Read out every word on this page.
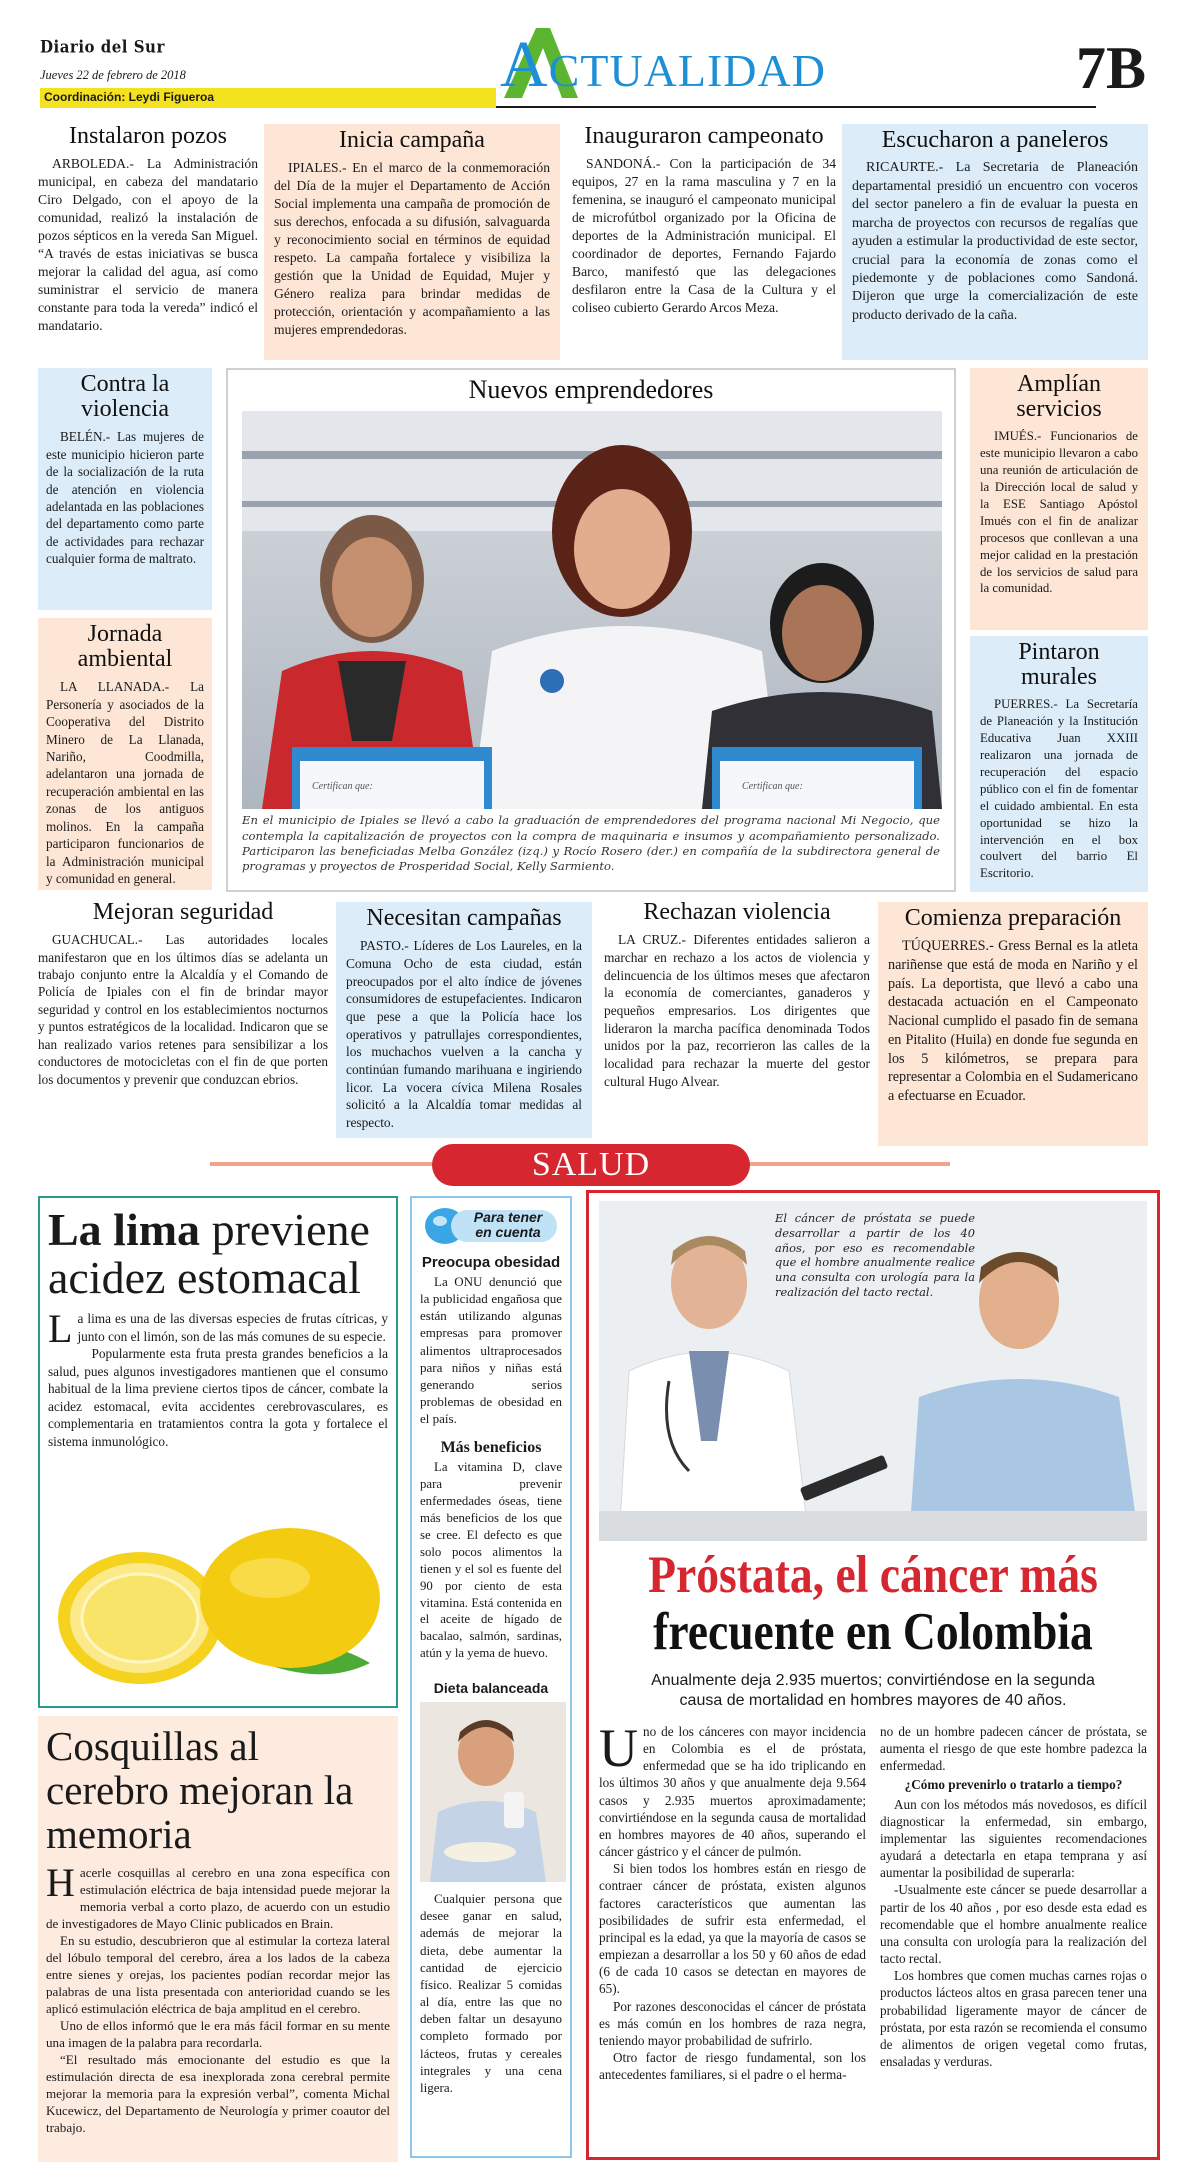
Diario del Sur
Jueves 22 de febrero de 2018
Coordinación: Leydi Figueroa	Actualidad	7B
Instalaron pozos

ARBOLEDA.- La Administración municipal, en cabeza del mandatario Ciro Delgado, con el apoyo de la comunidad, realizó la instalación de pozos sépticos en la vereda San Miguel. “A través de estas iniciativas se busca mejorar la calidad del agua, así como suministrar el servicio de manera constante para toda la vereda” indicó el mandatario.

Inicia campaña

IPIALES.- En el marco de la conmemoración del Día de la mujer el Departamento de Acción Social implementa una campaña de promoción de sus derechos, enfocada a su difusión, salvaguarda y reconocimiento social en términos de equidad respeto. La campaña fortalece y visibiliza la gestión que la Unidad de Equidad, Mujer y Género realiza para brindar medidas de protección, orientación y acompañamiento a las mujeres emprendedoras.

Inauguraron campeonato

SANDONÁ.- Con la participación de 34 equipos, 27 en la rama masculina y 7 en la femenina, se inauguró el campeonato municipal de microfútbol organizado por la Oficina de deportes de la Administración municipal. El coordinador de deportes, Fernando Fajardo Barco, manifestó que las delegaciones desfilaron entre la Casa de la Cultura y el coliseo cubierto Gerardo Arcos Meza.

Escucharon a paneleros

RICAURTE.- La Secretaria de Planeación departamental presidió un encuentro con voceros del sector panelero a fin de evaluar la puesta en marcha de proyectos con recursos de regalías que ayuden a estimular la productividad de este sector, crucial para la economía de zonas como el piedemonte y de poblaciones como Sandoná. Dijeron que urge la comercialización de este producto derivado de la caña.

Contra la violencia

BELÉN.- Las mujeres de este municipio hicieron parte de la socialización de la ruta de atención en violencia adelantada en las poblaciones del departamento como parte de actividades para rechazar cualquier forma de maltrato.

Jornada ambiental

LA LLANADA.- La Personería y asociados de la Cooperativa del Distrito Minero de La Llanada, Nariño, Coodmilla, adelantaron una jornada de recuperación ambiental en las zonas de los antiguos molinos. En la campaña participaron funcionarios de la Administración municipal y comunidad en general.

Nuevos emprendedores
Certifican que:	Certifican que:
En el municipio de Ipiales se llevó a cabo la graduación de emprendedores del programa nacional Mi Negocio, que contempla la capitalización de proyectos con la compra de maquinaria e insumos y acompañamiento personalizado. Participaron las beneficiadas Melba González (izq.) y Rocío Rosero (der.) en compañía de la subdirectora general de programas y proyectos de Prosperidad Social, Kelly Sarmiento.
Amplían servicios

IMUÉS.- Funcionarios de este municipio llevaron a cabo una reunión de articulación de la Dirección local de salud y la ESE Santiago Apóstol Imués con el fin de analizar procesos que conllevan a una mejor calidad en la prestación de los servicios de salud para la comunidad.

Pintaron murales

PUERRES.- La Secretaría de Planeación y la Institución Educativa Juan XXIII realizaron una jornada de recuperación del espacio público con el fin de fomentar el cuidado ambiental. En esta oportunidad se hizo la intervención en el box coulvert del barrio El Escritorio.

Mejoran seguridad

GUACHUCAL.- Las autoridades locales manifestaron que en los últimos días se adelanta un trabajo conjunto entre la Alcaldía y el Comando de Policía de Ipiales con el fin de brindar mayor seguridad y control en los establecimientos nocturnos y puntos estratégicos de la localidad. Indicaron que se han realizado varios retenes para sensibilizar a los conductores de motocicletas con el fin de que porten los documentos y prevenir que conduzcan ebrios.

Necesitan campañas

PASTO.- Líderes de Los Laureles, en la Comuna Ocho de esta ciudad, están preocupados por el alto índice de jóvenes consumidores de estupefacientes. Indicaron que pese a que la Policía hace los operativos y patrullajes correspondientes, los muchachos vuelven a la cancha y continúan fumando marihuana e ingiriendo licor. La vocera cívica Milena Rosales solicitó a la Alcaldía tomar medidas al respecto.

Rechazan violencia

LA CRUZ.- Diferentes entidades salieron a marchar en rechazo a los actos de violencia y delincuencia de los últimos meses que afectaron la economía de comerciantes, ganaderos y pequeños empresarios. Los dirigentes que lideraron la marcha pacífica denominada Todos unidos por la paz, recorrieron las calles de la localidad para rechazar la muerte del gestor cultural Hugo Alvear.

Comienza preparación

TÚQUERRES.- Gress Bernal es la atleta nariñense que está de moda en Nariño y el país. La deportista, que llevó a cabo una destacada actuación en el Campeonato Nacional cumplido el pasado fin de semana en Pitalito (Huila) en donde fue segunda en los 5 kilómetros, se prepara para representar a Colombia en el Sudamericano a efectuarse en Ecuador.

SALUD
La lima previene acidez estomacal

La lima es una de las diversas especies de frutas cítricas, y junto con el limón, son de las más comunes de su especie.

Popularmente esta fruta presta grandes beneficios a la salud, pues algunos investigadores mantienen que el consumo habitual de la lima previene ciertos tipos de cáncer, combate la acidez estomacal, evita accidentes cerebrovasculares, es complementaria en tratamientos contra la gota y fortalece el sistema inmunológico.

Cosquillas al cerebro mejoran la memoria

Hacerle cosquillas al cerebro en una zona específica con estimulación eléctrica de baja intensidad puede mejorar la memoria verbal a corto plazo, de acuerdo con un estudio de investigadores de Mayo Clinic publicados en Brain.

En su estudio, descubrieron que al estimular la corteza lateral del lóbulo temporal del cerebro, área a los lados de la cabeza entre sienes y orejas, los pacientes podían recordar mejor las palabras de una lista presentada con anterioridad cuando se les aplicó estimulación eléctrica de baja amplitud en el cerebro.

Uno de ellos informó que le era más fácil formar en su mente una imagen de la palabra para recordarla.

“El resultado más emocionante del estudio es que la estimulación directa de esa inexplorada zona cerebral permite mejorar la memoria para la expresión verbal”, comenta Michal Kucewicz, del Departamento de Neurología y primer coautor del trabajo.

Para tener
en cuenta
Preocupa obesidad

La ONU denunció que la publicidad engañosa que están utilizando algunas empresas para promover alimentos ultraprocesados para niños y niñas está generando serios problemas de obesidad en el país.

Más beneficios

La vitamina D, clave para prevenir enfermedades óseas, tiene más beneficios de los que se cree. El defecto es que solo pocos alimentos la tienen y el sol es fuente del 90 por ciento de esta vitamina. Está contenida en el aceite de hígado de bacalao, salmón, sardinas, atún y la yema de huevo.

Dieta balanceada

Cualquier persona que desee ganar en salud, además de mejorar la dieta, debe aumentar la cantidad de ejercicio físico. Realizar 5 comidas al día, entre las que no deben faltar un desayuno completo formado por lácteos, frutas y cereales integrales y una cena ligera.

El cáncer de próstata se puede desarrollar a partir de los 40 años, por eso es recomendable que el hombre anualmente realice una consulta con urología para la realización del tacto rectal.
Próstata, el cáncer más
frecuente en Colombia
Anualmente deja 2.935 muertos; convirtiéndose en la segunda causa de mortalidad en hombres mayores de 40 años.

Uno de los cánceres con mayor incidencia en Colombia es el de próstata, enfermedad que se ha ido triplicando en los últimos 30 años y que anualmente deja 9.564 casos y 2.935 muertos aproximadamente; convirtiéndose en la segunda causa de mortalidad en hombres mayores de 40 años, superando el cáncer gástrico y el cáncer de pulmón.

Si bien todos los hombres están en riesgo de contraer cáncer de próstata, existen algunos factores característicos que aumentan las posibilidades de sufrir esta enfermedad, el principal es la edad, ya que la mayoría de casos se empiezan a desarrollar a los 50 y 60 años de edad (6 de cada 10 casos se detectan en mayores de 65).

Por razones desconocidas el cáncer de próstata es más común en los hombres de raza negra, teniendo mayor probabilidad de sufrirlo.

Otro factor de riesgo fundamental, son los antecedentes familiares, si el padre o el herma-

no de un hombre padecen cáncer de próstata, se aumenta el riesgo de que este hombre padezca la enfermedad.

¿Cómo prevenirlo o tratarlo a tiempo?

Aun con los métodos más novedosos, es difícil diagnosticar la enfermedad, sin embargo, implementar las siguientes recomendaciones ayudará a detectarla en etapa temprana y así aumentar la posibilidad de superarla:

-Usualmente este cáncer se puede desarrollar a partir de los 40 años , por eso desde esta edad es recomendable que el hombre anualmente realice una consulta con urología para la realización del tacto rectal.

Los hombres que comen muchas carnes rojas o productos lácteos altos en grasa parecen tener una probabilidad ligeramente mayor de cáncer de próstata, por esta razón se recomienda el consumo de alimentos de origen vegetal como frutas, ensaladas y verduras.
